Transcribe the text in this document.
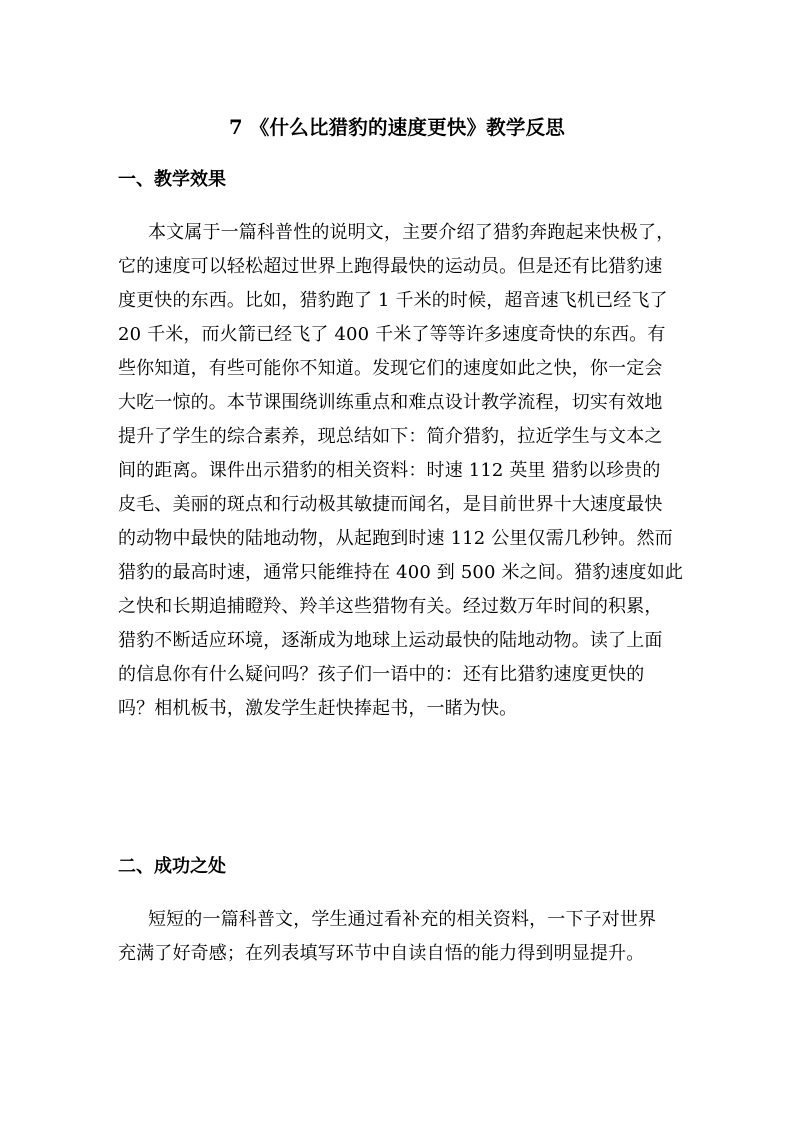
7 《什么比猎豹的速度更快》教学反思
一、教学效果
本文属于一篇科普性的说明文，主要介绍了猎豹奔跑起来快极了，
它的速度可以轻松超过世界上跑得最快的运动员。但是还有比猎豹速
度更快的东西。比如，猎豹跑了 1 千米的时候，超音速飞机已经飞了
20 千米，而火箭已经飞了 400 千米了等等许多速度奇快的东西。有
些你知道，有些可能你不知道。发现它们的速度如此之快，你一定会
大吃一惊的。本节课围绕训练重点和难点设计教学流程，切实有效地
提升了学生的综合素养，现总结如下：简介猎豹，拉近学生与文本之
间的距离。课件出示猎豹的相关资料：时速 112 英里 猎豹以珍贵的
皮毛、美丽的斑点和行动极其敏捷而闻名，是目前世界十大速度最快
的动物中最快的陆地动物，从起跑到时速 112 公里仅需几秒钟。然而
猎豹的最高时速，通常只能维持在 400 到 500 米之间。猎豹速度如此
之快和长期追捕瞪羚、羚羊这些猎物有关。经过数万年时间的积累，
猎豹不断适应环境，逐渐成为地球上运动最快的陆地动物。读了上面
的信息你有什么疑问吗？孩子们一语中的：还有比猎豹速度更快的
吗？相机板书，激发学生赶快捧起书，一睹为快。
二、成功之处
短短的一篇科普文，学生通过看补充的相关资料，一下子对世界
充满了好奇感；在列表填写环节中自读自悟的能力得到明显提升。
